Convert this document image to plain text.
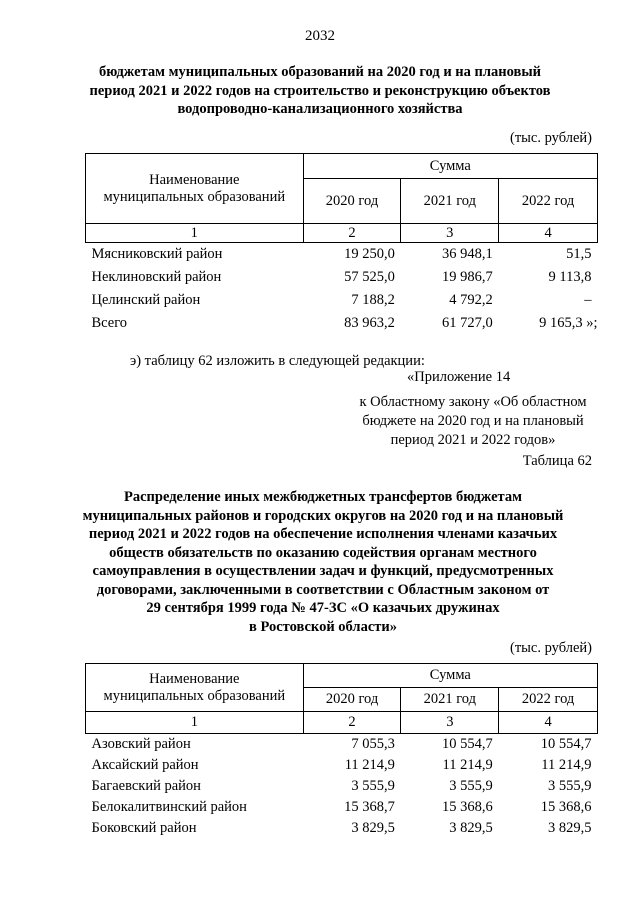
2032
бюджетам муниципальных образований на 2020 год и на плановый
период 2021 и 2022 годов на строительство и реконструкцию объектов
водопроводно-канализационного хозяйства
(тыс. рублей)
Наименование
муниципальных образований	Сумма		
	2020 год	2021 год	2022 год
1	2	3	4
Мясниковский район	19 250,0	36 948,1	51,5
Неклиновский район	57 525,0	19 986,7	9 113,8
Целинский район	7 188,2	4 792,2	–
Всего	83 963,2	61 727,0	9 165,3 »;
э) таблицу 62 изложить в следующей редакции:
«Приложение 14
к Областному закону «Об областном
бюджете на 2020 год и на плановый
период 2021 и 2022 годов»
Таблица 62
Распределение иных межбюджетных трансфертов бюджетам
муниципальных районов и городских округов на 2020 год и на плановый
период 2021 и 2022 годов на обеспечение исполнения членами казачьих
обществ обязательств по оказанию содействия органам местного
самоуправления в осуществлении задач и функций, предусмотренных
договорами, заключенными в соответствии с Областным законом от
29 сентября 1999 года № 47-ЗС «О казачьих дружинах
в Ростовской области»
(тыс. рублей)
Наименование
муниципальных образований	Сумма		
	2020 год	2021 год	2022 год
1	2	3	4
Азовский район	7 055,3	10 554,7	10 554,7
Аксайский район	11 214,9	11 214,9	11 214,9
Багаевский район	3 555,9	3 555,9	3 555,9
Белокалитвинский район	15 368,7	15 368,6	15 368,6
Боковский район	3 829,5	3 829,5	3 829,5
